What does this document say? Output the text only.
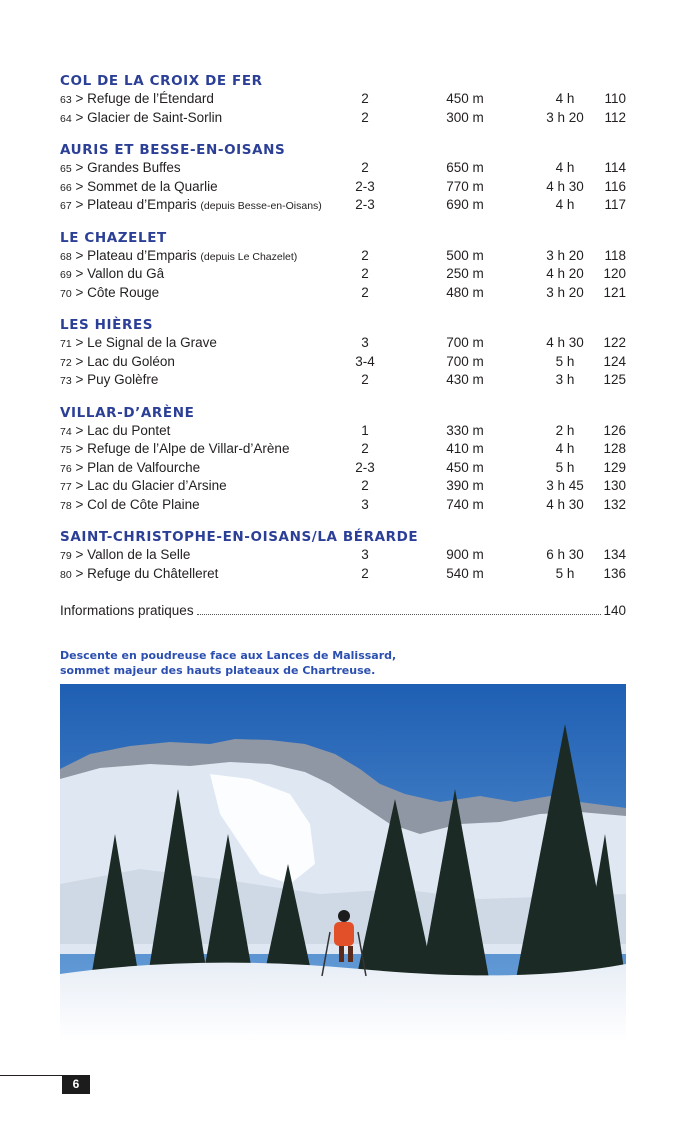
COL DE LA CROIX DE FER
63 > Refuge de l’Étendard	2	450 m	4 h	110
64 > Glacier de Saint-Sorlin	2	300 m	3 h 20	112
AURIS ET BESSE-EN-OISANS
65 > Grandes Buffes	2	650 m	4 h	114
66 > Sommet de la Quarlie	2-3	770 m	4 h 30	116
67 > Plateau d’Emparis (depuis Besse-en-Oisans)	2-3	690 m	4 h	117
LE CHAZELET
68 > Plateau d’Emparis (depuis Le Chazelet)	2	500 m	3 h 20	118
69 > Vallon du Gâ	2	250 m	4 h 20	120
70 > Côte Rouge	2	480 m	3 h 20	121
LES HIÈRES
71 > Le Signal de la Grave	3	700 m	4 h 30	122
72 > Lac du Goléon	3-4	700 m	5 h	124
73 > Puy Golèfre	2	430 m	3 h	125
VILLAR-D’ARÈNE
74 > Lac du Pontet	1	330 m	2 h	126
75 > Refuge de l’Alpe de Villar-d’Arène	2	410 m	4 h	128
76 > Plan de Valfourche	2-3	450 m	5 h	129
77 > Lac du Glacier d’Arsine	2	390 m	3 h 45	130
78 > Col de Côte Plaine	3	740 m	4 h 30	132
SAINT-CHRISTOPHE-EN-OISANS/LA BÉRARDE
79 > Vallon de la Selle	3	900 m	6 h 30	134
80 > Refuge du Châtelleret	2	540 m	5 h	136
Informations pratiques	140
Descente en poudreuse face aux Lances de Malissard,
sommet majeur des hauts plateaux de Chartreuse.
6
